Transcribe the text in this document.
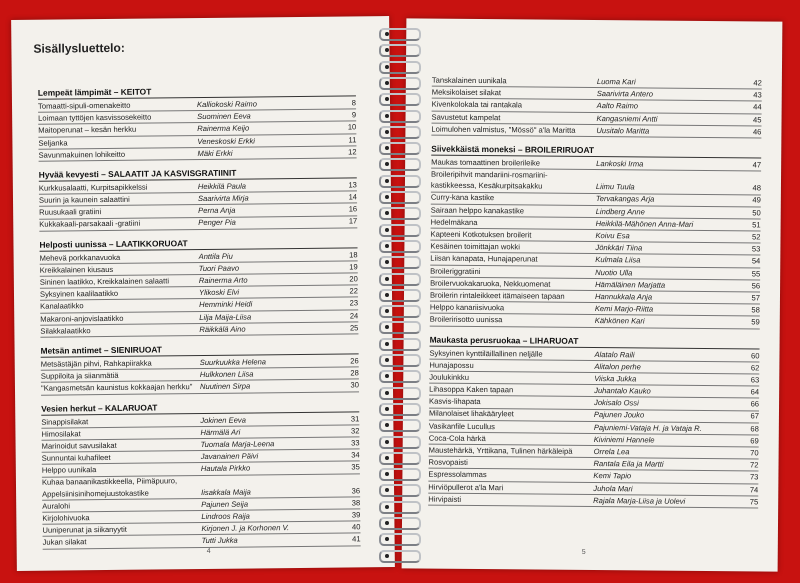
Sisällysluettelo:
Lempeät lämpimät – KEITOT
Tomaatti-sipuli-omenakeitto	Kalliokoski Raimo	8
Loimaan tyttöjen kasvissosekeitto	Suominen Eeva	9
Maitoperunat – kesän herkku	Rainerma Keijo	10
Seljanka	Veneskoski Erkki	11
Savunmakuinen lohikeitto	Mäki Erkki	12
Hyvää kevyesti – SALAATIT JA KASVISGRATIINIT
Kurkkusalaatti, Kurpitsapikkelssi	Heikkilä Paula	13
Suurin ja kaunein salaattini	Saarivirta Mirja	14
Ruusukaali gratiini	Perna Anja	16
Kukkakaali-parsakaali -gratiini	Penger Pia	17
Helposti uunissa – LAATIKKORUOAT
Mehevä porkkanavuoka	Anttila Piu	18
Kreikkalainen kiusaus	Tuori Paavo	19
Sininen laatikko, Kreikkalainen salaatti	Rainerma Arto	20
Syksyinen kaalilaatikko	Ylikoski Elvi	22
Kanalaatikko	Hemminki Heidi	23
Makaroni-anjovislaatikko	Lilja Maija-Liisa	24
Silakkalaatikko	Räikkälä Aino	25
Metsän antimet – SIENIRUOAT
Metsästäjän pihvi, Rahkapiirakka	Suurkuukka Helena	26
Suppiloita ja siianmätiä	Hulkkonen Liisa	28
"Kangasmetsän kaunistus kokkaajan herkku" Nuutinen Sirpa	30
Vesien herkut – KALARUOAT
Sinappisilakat	Jokinen Eeva	31
Himosilakat	Härmälä Ari	32
Marinoidut savusilakat	Tuomala Marja-Leena	33
Sunnuntai kuhafileet	Javanainen Päivi	34
Helppo uunikala	Hautala Pirkko	35
Kuhaa banaanikastikkeella, Piimäpuuro,
Appelsiinisinihomejuustokastike	Iisakkala Maija	36
Auralohi	Pajunen Seija	38
Kirjolohivuoka	Lindroos Raija	39
Uuniperunat ja siikanyytit	Kirjonen J. ja Korhonen V.	40
Jukan silakat	Tutti Jukka	41
4
Tanskalainen uunikala	Luoma Kari	42
Meksikolaiset silakat	Saarivirta Antero	43
Kivenkolokala tai rantakala	Aalto Raimo	44
Savustetut kampelat	Kangasniemi Antti	45
Loimulohen valmistus, "Mössö" a'la Maritta	Uusitalo Maritta	46
Siivekkäistä moneksi – BROILERIRUOAT
Maukas tomaattinen broilerileike	Lankoski Irma	47
Broileripihvit mandariini-rosmariini-
kastikkeessa, Kesäkurpitsakakku	Liimu Tuula	48
Curry-kana kastike	Tervakangas Arja	49
Sairaan helppo kanakastike	Lindberg Anne	50
Hedelmäkana	Heikkilä-Mähönen Anna-Mari	51
Kapteeni Kotkotuksen broilerit	Koivu Esa	52
Kesäinen toimittajan wokki	Jönkkäri Tiina	53
Liisan kanapata, Hunajaperunat	Kulmala Liisa	54
Broileriggratiini	Nuotio Ulla	55
Broilervuokakaruoka, Nekkuomenat	Hämäläinen Marjatta	56
Broilerin rintaleikkeet itämaiseen tapaan	Hannukkala Anja	57
Helppo kanariisivuoka	Kemi Marjo-Riitta	58
Broileririsotto uunissa	Kähkönen Kari	59
Maukasta perusruokaa – LIHARUOAT
Syksyinen kynttiläillallinen neljälle	Alatalo Raili	60
Hunajapossu	Alitalon perhe	62
Joulukinkku	Viiska Jukka	63
Lihasoppa Kaken tapaan	Juhantalo Kauko	64
Kasvis-lihapata	Jokisalo Ossi	66
Milanolaiset lihakääryleet	Pajunen Jouko	67
Vasikanfile Lucullus	Pajuniemi-Vataja H. ja Vataja R.	68
Coca-Cola härkä	Kiviniemi Hannele	69
Maustehärkä, Yrttikana, Tulinen härkäleipä	Orrela Lea	70
Rosvopaisti	Rantala Eila ja Martti	72
Espressolammas	Kemi Tapio	73
Hirviöpullerot a'la Mari	Juhola Mari	74
Hirvipaisti	Rajala Marja-Liisa ja Uolevi	75
5
